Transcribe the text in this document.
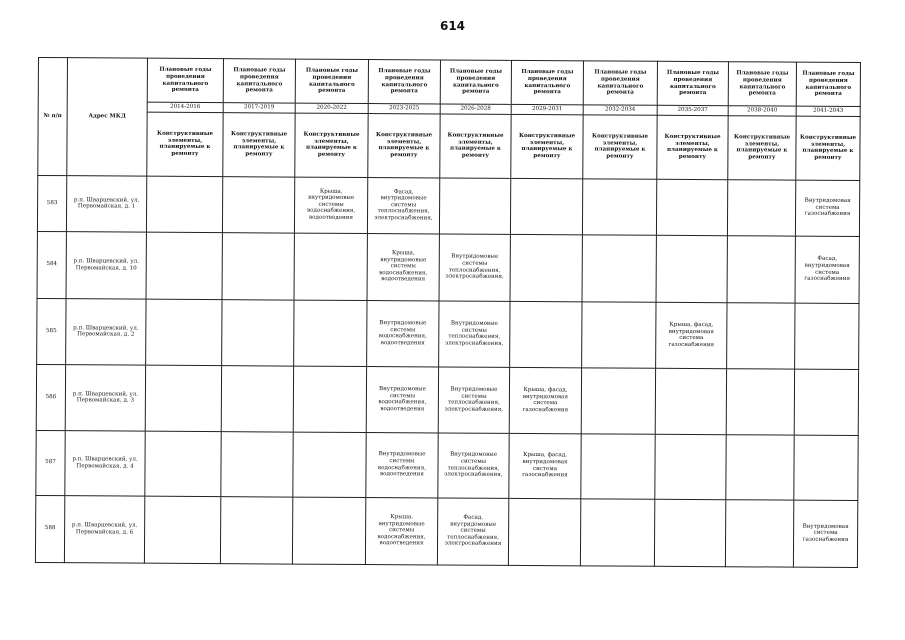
614
№ п/п	Адрес МКД	Плановые годы проведения капитального ремонта	Плановые годы проведения капитального ремонта	Плановые годы проведения капитального ремонта	Плановые годы проведения капитального ремонта	Плановые годы проведения капитального ремонта	Плановые годы проведения капитального ремонта	Плановые годы проведения капитального ремонта	Плановые годы проведения капитального ремонта	Плановые годы проведения капитального ремонта	Плановые годы проведения капитального ремонта
		2014-2016	2017-2019	2020-2022	2023-2025	2026-2028	2029-2031	2032-2034	2035-2037	2038-2040	2041-2043
		Конструктивные элементы, планируемые к ремонту	Конструктивные элементы, планируемые к ремонту	Конструктивные элементы, планируемые к ремонту	Конструктивные элементы, планируемые к ремонту	Конструктивные элементы, планируемые к ремонту	Конструктивные элементы, планируемые к ремонту	Конструктивные элементы, планируемые к ремонту	Конструктивные элементы, планируемые к ремонту	Конструктивные элементы, планируемые к ремонту	Конструктивные элементы, планируемые к ремонту
583	р.п. Шварцевский, ул. Первомайская, д. 1			Крыша, внутридомовые системы водоснабжения, водоотведения	Фасад, внутридомовые системы теплоснабжения, электроснабжения,						Внутридомовая система газоснабжения
584	р.п. Шварцевский, ул. Первомайская, д. 10				Крыша, внутридомовые системы водоснабжения, водоотведения	Внутридомовые системы теплоснабжения, электроснабжения,					Фасад, внутридомовая система газоснабжения
585	р.п. Шварцевский, ул. Первомайская, д. 2				Внутридомовые системы водоснабжения, водоотведения	Внутридомовые системы теплоснабжения, электроснабжения,			Крыша, фасад, внутридомовая система газоснабжения		
586	р.п. Шварцевский, ул. Первомайская, д. 3				Внутридомовые системы водоснабжения, водоотведения	Внутридомовые системы теплоснабжения, электроснабжения,	Крыша, фасад, внутридомовая система газоснабжения				
587	р.п. Шварцевский, ул. Первомайская, д. 4				Внутридомовые системы водоснабжения, водоотведения	Внутридомовые системы теплоснабжения, электроснабжения,	Крыша, фасад, внутридомовая система газоснабжения				
588	р.п. Шварцевский, ул. Первомайская, д. 6				Крыша, внутридомовые системы водоснабжения, водоотведения	Фасад, внутридомовые системы теплоснабжения, электроснабжения					Внутридомовая система газоснабжения
